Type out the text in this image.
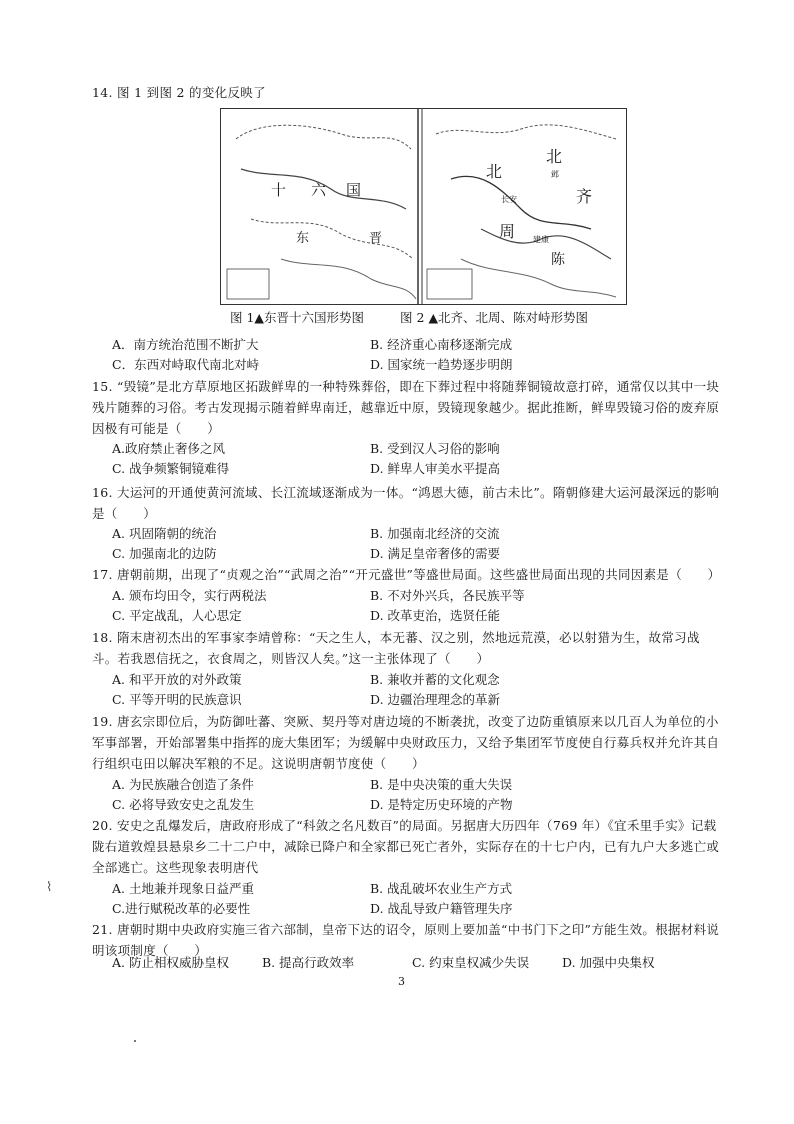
14. 图 1 到图 2 的变化反映了
十 六 国
东	晋
北
北
齐
周
陈
长安
邺
建康
图 1▲东晋十六国形势图	图 2 ▲北齐、北周、陈对峙形势图
A．南方统治范围不断扩大	B. 经济重心南移逐渐完成
C．东西对峙取代南北对峙	D. 国家统一趋势逐步明朗
15. “毁镜”是北方草原地区拓跋鲜卑的一种特殊葬俗，即在下葬过程中将随葬铜镜故意打碎，通常仅以其中一块残片随葬的习俗。考古发现揭示随着鲜卑南迁，越靠近中原，毁镜现象越少。据此推断，鲜卑毁镜习俗的废弃原因极有可能是（　　）
A.政府禁止奢侈之风	B. 受到汉人习俗的影响
C. 战争频繁铜镜难得	D. 鲜卑人审美水平提高
16. 大运河的开通使黄河流域、长江流域逐渐成为一体。“鸿恩大德，前古未比”。隋朝修建大运河最深远的影响是（　　）
A. 巩固隋朝的统治	B. 加强南北经济的交流
C. 加强南北的边防	D. 满足皇帝奢侈的需要
17. 唐朝前期，出现了“贞观之治”“武周之治”“开元盛世”等盛世局面。这些盛世局面出现的共同因素是（　　）
A. 颁布均田令，实行两税法	B. 不对外兴兵，各民族平等
C. 平定战乱，人心思定	D. 改革吏治，选贤任能
18. 隋末唐初杰出的军事家李靖曾称：“天之生人，本无蕃、汉之别，然地远荒漠，必以射猎为生，故常习战斗。若我恩信抚之，衣食周之，则皆汉人矣。”这一主张体现了（　　）
A. 和平开放的对外政策	B. 兼收并蓄的文化观念
C. 平等开明的民族意识	D. 边疆治理理念的革新
19. 唐玄宗即位后，为防御吐蕃、突厥、契丹等对唐边境的不断袭扰，改变了边防重镇原来以几百人为单位的小军事部署，开始部署集中指挥的庞大集团军；为缓解中央财政压力，又给予集团军节度使自行募兵权并允许其自行组织屯田以解决军粮的不足。这说明唐朝节度使（　　）
A. 为民族融合创造了条件	B. 是中央决策的重大失误
C. 必将导致安史之乱发生	D. 是特定历史环境的产物
20. 安史之乱爆发后，唐政府形成了“科敛之名凡数百”的局面。另据唐大历四年（769 年）《宜禾里手实》记载陇右道敦煌县悬泉乡二十二户中，减除已降户和全家都已死亡者外，实际存在的十七户内，已有九户大多逃亡或全部逃亡。这些现象表明唐代
A. 土地兼并现象日益严重	B. 战乱破坏农业生产方式
C.进行赋税改革的必要性	D. 战乱导致户籍管理失序
21. 唐朝时期中央政府实施三省六部制，皇帝下达的诏令，原则上要加盖“中书门下之印”方能生效。根据材料说明该项制度（　　）
A. 防止相权威胁皇权	B. 提高行政效率	C. 约束皇权减少失误	D. 加强中央集权
3
⌇
